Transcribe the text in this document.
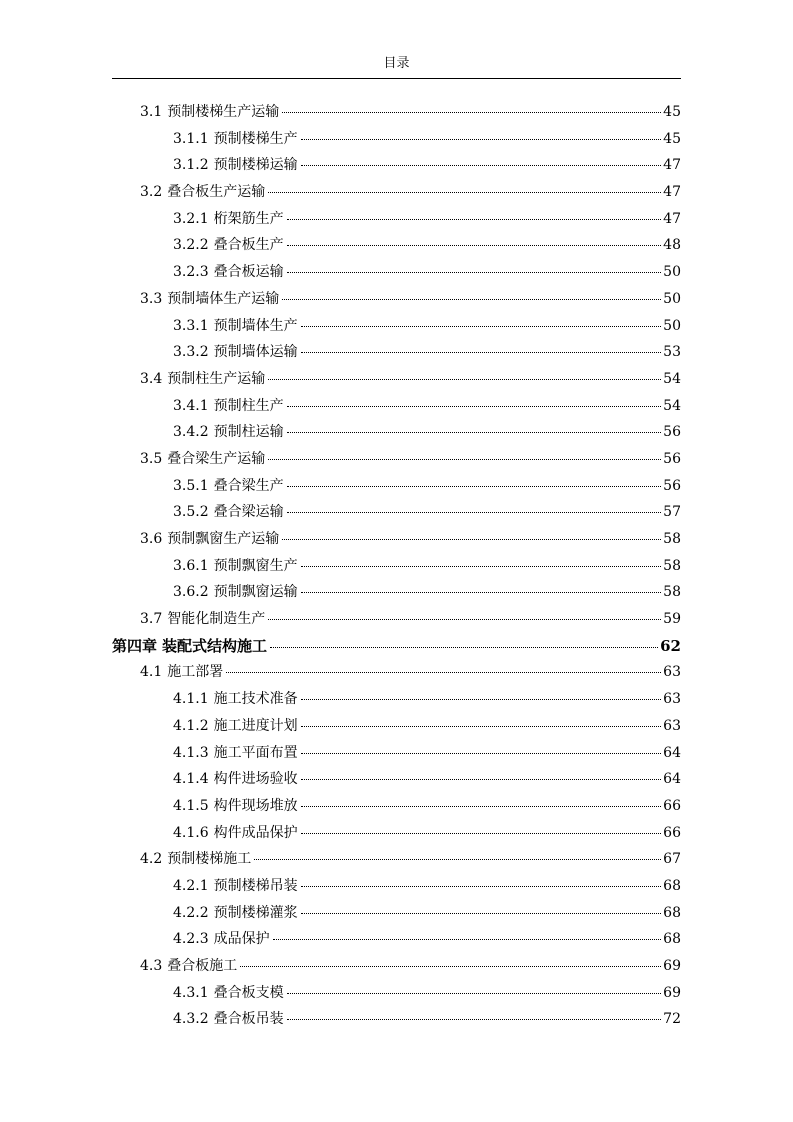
目录
3.1 预制楼梯生产运输	45
3.1.1 预制楼梯生产	45
3.1.2 预制楼梯运输	47
3.2 叠合板生产运输	47
3.2.1 桁架筋生产	47
3.2.2 叠合板生产	48
3.2.3 叠合板运输	50
3.3 预制墙体生产运输	50
3.3.1 预制墙体生产	50
3.3.2 预制墙体运输	53
3.4 预制柱生产运输	54
3.4.1 预制柱生产	54
3.4.2 预制柱运输	56
3.5 叠合梁生产运输	56
3.5.1 叠合梁生产	56
3.5.2 叠合梁运输	57
3.6 预制飘窗生产运输	58
3.6.1 预制飘窗生产	58
3.6.2 预制飘窗运输	58
3.7 智能化制造生产	59
第四章 装配式结构施工	62
4.1 施工部署	63
4.1.1 施工技术准备	63
4.1.2 施工进度计划	63
4.1.3 施工平面布置	64
4.1.4 构件进场验收	64
4.1.5 构件现场堆放	66
4.1.6 构件成品保护	66
4.2 预制楼梯施工	67
4.2.1 预制楼梯吊装	68
4.2.2 预制楼梯灌浆	68
4.2.3 成品保护	68
4.3 叠合板施工	69
4.3.1 叠合板支模	69
4.3.2 叠合板吊装	72
